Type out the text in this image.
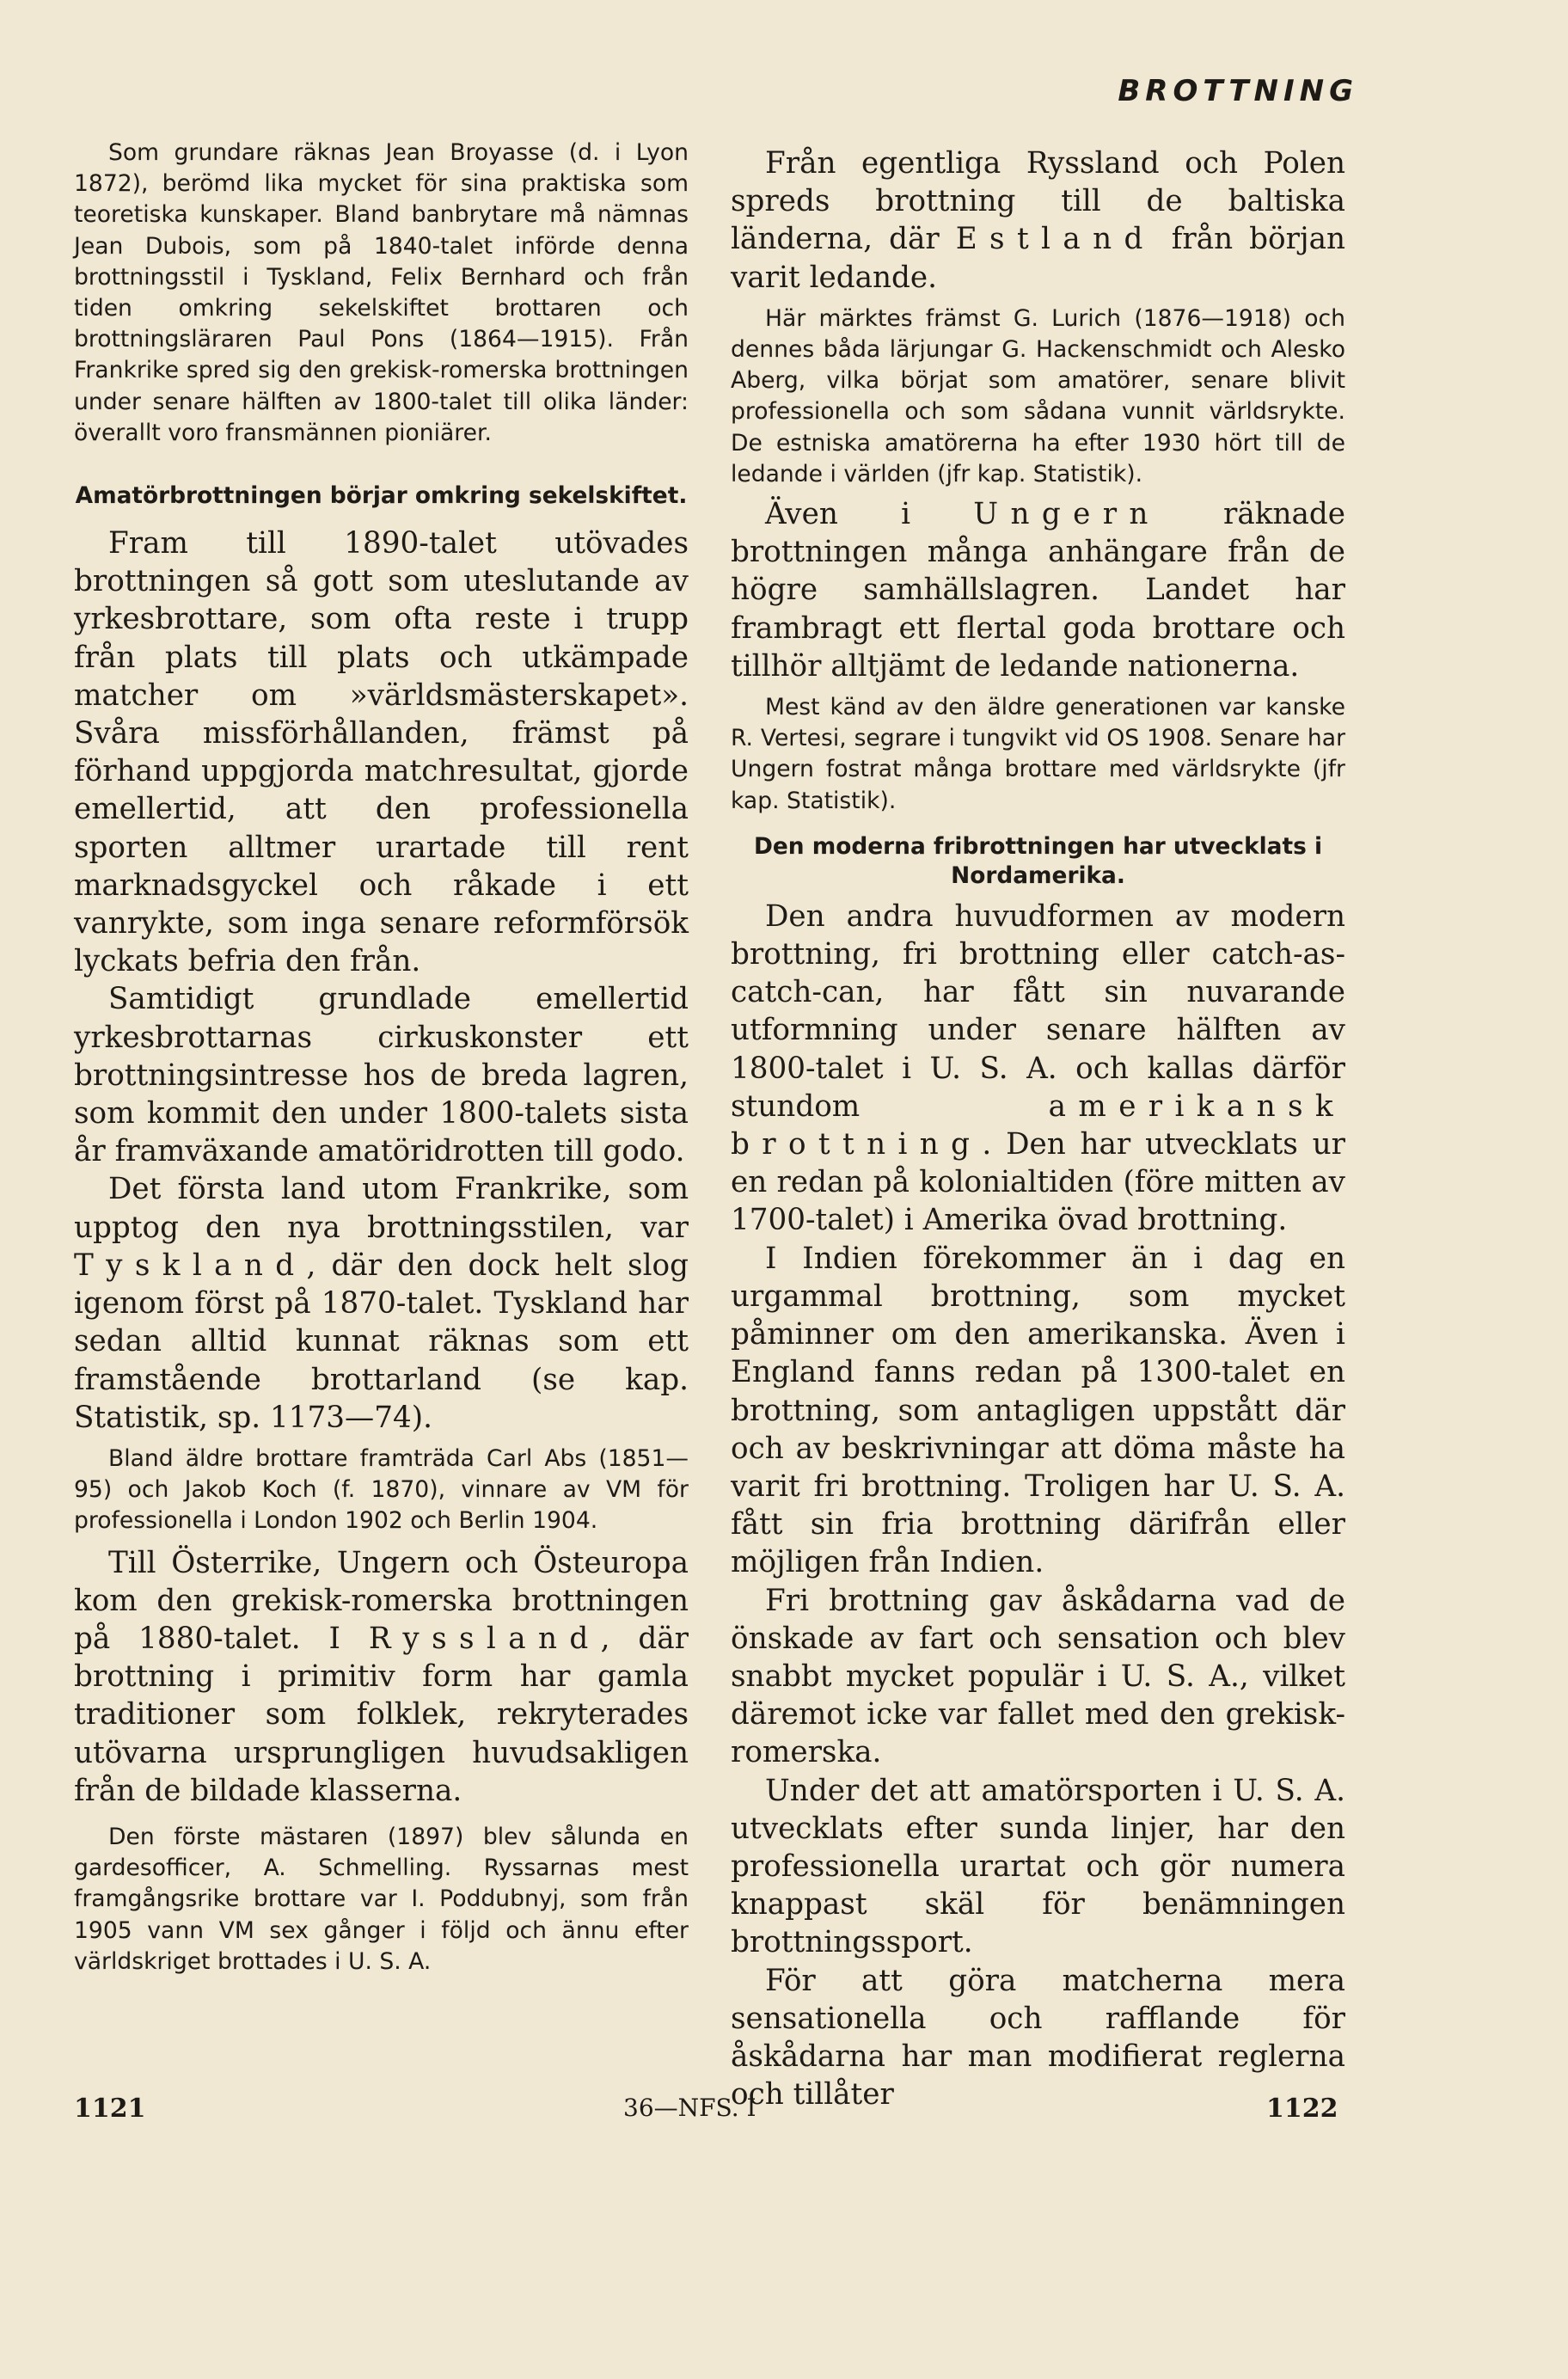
BROTTNING

Som grundare räknas Jean Broyasse (d. i Lyon 1872), berömd lika mycket för sina praktiska som teoretiska kunskaper. Bland banbrytare må nämnas Jean Dubois, som på 1840-talet införde denna brottningsstil i Tyskland, Felix Bernhard och från tiden omkring sekelskiftet brottaren och brottningsläraren Paul Pons (1864—1915). Från Frankrike spred sig den grekisk-romerska brottningen under senare hälften av 1800-talet till olika länder: överallt voro fransmännen pioniärer.

Amatörbrottningen börjar omkring sekelskiftet.

Fram till 1890-talet utövades brottningen så gott som uteslutande av yrkesbrottare, som ofta reste i trupp från plats till plats och utkämpade matcher om »världsmästerskapet». Svåra missförhållanden, främst på förhand uppgjorda matchresultat, gjorde emellertid, att den professionella sporten alltmer urartade till rent marknadsgyckel och råkade i ett vanrykte, som inga senare reformförsök lyckats befria den från.

Samtidigt grundlade emellertid yrkesbrottarnas cirkuskonster ett brottningsintresse hos de breda lagren, som kommit den under 1800-talets sista år framväxande amatöridrotten till godo.

Det första land utom Frankrike, som upptog den nya brottningsstilen, var Tyskland, där den dock helt slog igenom först på 1870-talet. Tyskland har sedan alltid kunnat räknas som ett framstående brottarland (se kap. Statistik, sp. 1173—74).

Bland äldre brottare framträda Carl Abs (1851—95) och Jakob Koch (f. 1870), vinnare av VM för professionella i London 1902 och Berlin 1904.

Till Österrike, Ungern och Östeuropa kom den grekisk-romerska brottningen på 1880-talet. I Ryssland, där brottning i primitiv form har gamla traditioner som folklek, rekryterades utövarna ursprungligen huvudsakligen från de bildade klasserna.

Den förste mästaren (1897) blev sålunda en gardesofficer, A. Schmelling. Ryssarnas mest framgångsrike brottare var I. Poddubnyj, som från 1905 vann VM sex gånger i följd och ännu efter världskriget brottades i U. S. A.

Från egentliga Ryssland och Polen spreds brottning till de baltiska länderna, där Estland från början varit ledande.

Här märktes främst G. Lurich (1876—1918) och dennes båda lärjungar G. Hackenschmidt och Alesko Aberg, vilka börjat som amatörer, senare blivit professionella och som sådana vunnit världsrykte. De estniska amatörerna ha efter 1930 hört till de ledande i världen (jfr kap. Statistik).

Även i Ungern räknade brottningen många anhängare från de högre samhällslagren. Landet har frambragt ett flertal goda brottare och tillhör alltjämt de ledande nationerna.

Mest känd av den äldre generationen var kanske R. Vertesi, segrare i tungvikt vid OS 1908. Senare har Ungern fostrat många brottare med världsrykte (jfr kap. Statistik).

Den moderna fribrottningen har utvecklats i Nordamerika.

Den andra huvudformen av modern brottning, fri brottning eller catch-as-catch-can, har fått sin nuvarande utformning under senare hälften av 1800-talet i U. S. A. och kallas därför stundom amerikansk brottning. Den har utvecklats ur en redan på kolonialtiden (före mitten av 1700-talet) i Amerika övad brottning.

I Indien förekommer än i dag en urgammal brottning, som mycket påminner om den amerikanska. Även i England fanns redan på 1300-talet en brottning, som antagligen uppstått där och av beskrivningar att döma måste ha varit fri brottning. Troligen har U. S. A. fått sin fria brottning därifrån eller möjligen från Indien.

Fri brottning gav åskådarna vad de önskade av fart och sensation och blev snabbt mycket populär i U. S. A., vilket däremot icke var fallet med den grekisk-romerska.

Under det att amatörsporten i U. S. A. utvecklats efter sunda linjer, har den professionella urartat och gör numera knappast skäl för benämningen brottningssport.

För att göra matcherna mera sensationella och rafflande för åskådarna har man modifierat reglerna och tillåter

1121	36—NFS. I	1122
